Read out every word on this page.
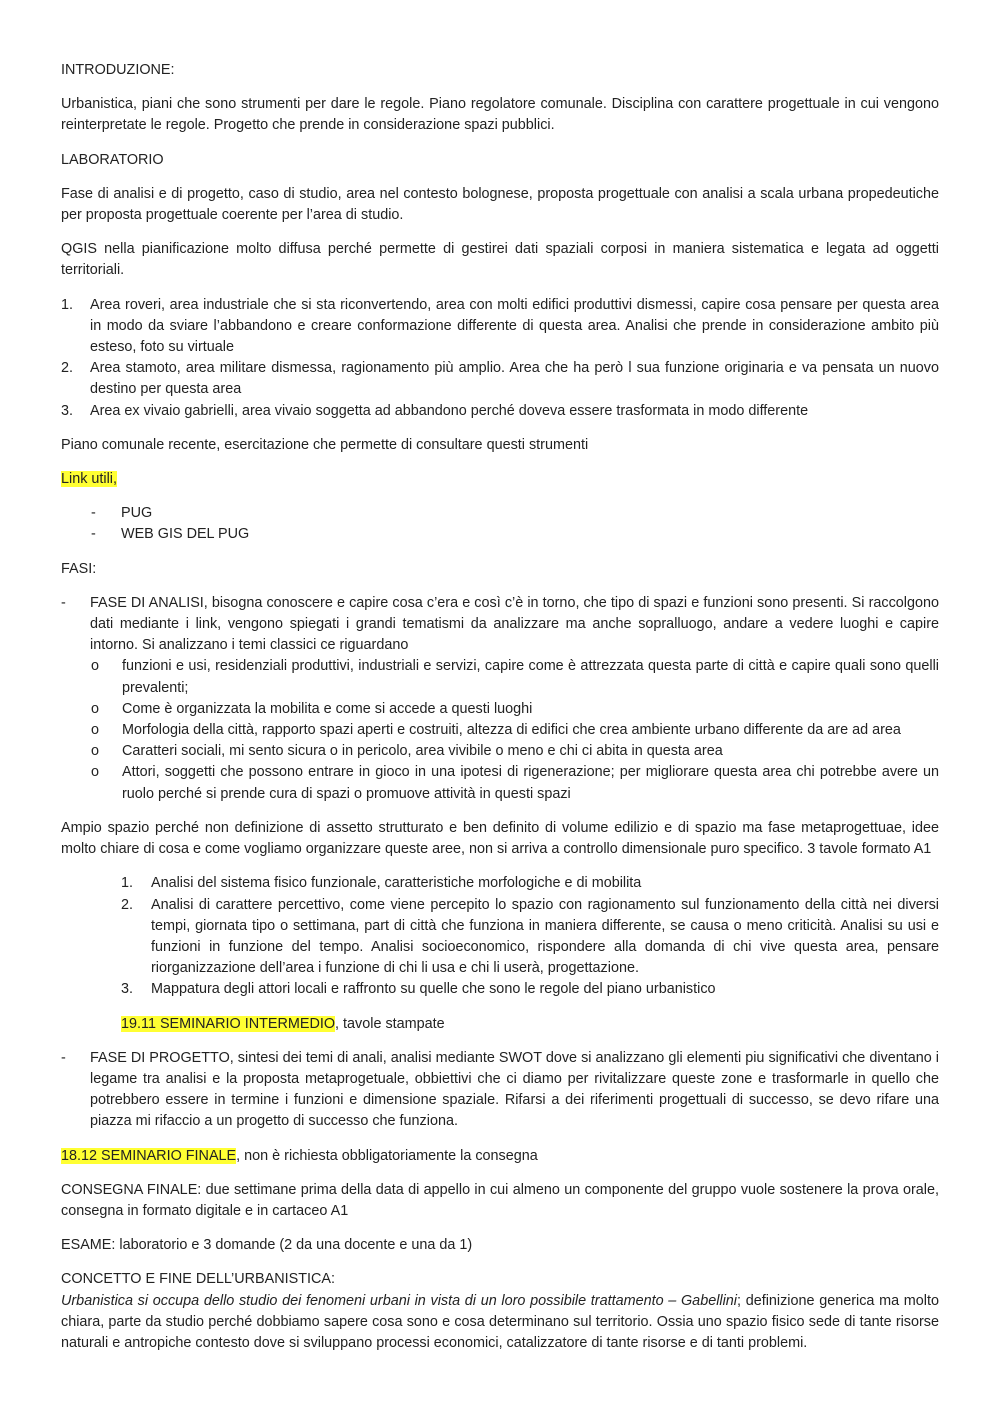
INTRODUZIONE:

Urbanistica, piani che sono strumenti per dare le regole. Piano regolatore comunale. Disciplina con carattere progettuale in cui vengono reinterpretate le regole. Progetto che prende in considerazione spazi pubblici.

LABORATORIO

Fase di analisi e di progetto, caso di studio, area nel contesto bolognese, proposta progettuale con analisi a scala urbana propedeutiche per proposta progettuale coerente per l’area di studio.

QGIS nella pianificazione molto diffusa perché permette di gestirei dati spaziali corposi in maniera sistematica e legata ad oggetti territoriali.

1. Area roveri, area industriale che si sta riconvertendo, area con molti edifici produttivi dismessi, capire cosa pensare per questa area in modo da sviare l’abbandono e creare conformazione differente di questa area. Analisi che prende in considerazione ambito più esteso, foto su virtuale
2. Area stamoto, area militare dismessa, ragionamento più amplio. Area che ha però l sua funzione originaria e va pensata un nuovo destino per questa area
3. Area ex vivaio gabrielli, area vivaio soggetta ad abbandono perché doveva essere trasformata in modo differente

Piano comunale recente, esercitazione che permette di consultare questi strumenti

Link utili,

- PUG
- WEB GIS DEL PUG

FASI:

- FASE DI ANALISI, bisogna conoscere e capire cosa c’era e così c’è in torno, che tipo di spazi e funzioni sono presenti. Si raccolgono dati mediante i link, vengono spiegati i grandi tematismi da analizzare ma anche sopralluogo, andare a vedere luoghi e capire intorno. Si analizzano i temi classici ce riguardano
o funzioni e usi, residenziali produttivi, industriali e servizi, capire come è attrezzata questa parte di città e capire quali sono quelli prevalenti;
o Come è organizzata la mobilita e come si accede a questi luoghi
o Morfologia della città, rapporto spazi aperti e costruiti, altezza di edifici che crea ambiente urbano differente da are ad area
o Caratteri sociali, mi sento sicura o in pericolo, area vivibile o meno e chi ci abita in questa area
o Attori, soggetti che possono entrare in gioco in una ipotesi di rigenerazione; per migliorare questa area chi potrebbe avere un ruolo perché si prende cura di spazi o promuove attività in questi spazi

Ampio spazio perché non definizione di assetto strutturato e ben definito di volume edilizio e di spazio ma fase metaprogettuae, idee molto chiare di cosa e come vogliamo organizzare queste aree, non si arriva a controllo dimensionale puro specifico. 3 tavole formato A1

1. Analisi del sistema fisico funzionale, caratteristiche morfologiche e di mobilita
2. Analisi di carattere percettivo, come viene percepito lo spazio con ragionamento sul funzionamento della città nei diversi tempi, giornata tipo o settimana, part di città che funziona in maniera differente, se causa o meno criticità. Analisi su usi e funzioni in funzione del tempo. Analisi socioeconomico, rispondere alla domanda di chi vive questa area, pensare riorganizzazione dell’area i funzione di chi li usa e chi li userà, progettazione.
3. Mappatura degli attori locali e raffronto su quelle che sono le regole del piano urbanistico

19.11 SEMINARIO INTERMEDIO, tavole stampate

- FASE DI PROGETTO, sintesi dei temi di anali, analisi mediante SWOT dove si analizzano gli elementi piu significativi che diventano i legame tra analisi e la proposta metaprogetuale, obbiettivi che ci diamo per rivitalizzare queste zone e trasformarle in quello che potrebbero essere in termine i funzioni e dimensione spaziale. Rifarsi a dei riferimenti progettuali di successo, se devo rifare una piazza mi rifaccio a un progetto di successo che funziona.

18.12 SEMINARIO FINALE, non è richiesta obbligatoriamente la consegna

CONSEGNA FINALE: due settimane prima della data di appello in cui almeno un componente del gruppo vuole sostenere la prova orale, consegna in formato digitale e in cartaceo A1

ESAME: laboratorio e 3 domande (2 da una docente e una da 1)

CONCETTO E FINE DELL’URBANISTICA:

Urbanistica si occupa dello studio dei fenomeni urbani in vista di un loro possibile trattamento – Gabellini; definizione generica ma molto chiara, parte da studio perché dobbiamo sapere cosa sono e cosa determinano sul territorio. Ossia uno spazio fisico sede di tante risorse naturali e antropiche contesto dove si sviluppano processi economici, catalizzatore di tante risorse e di tanti problemi.
